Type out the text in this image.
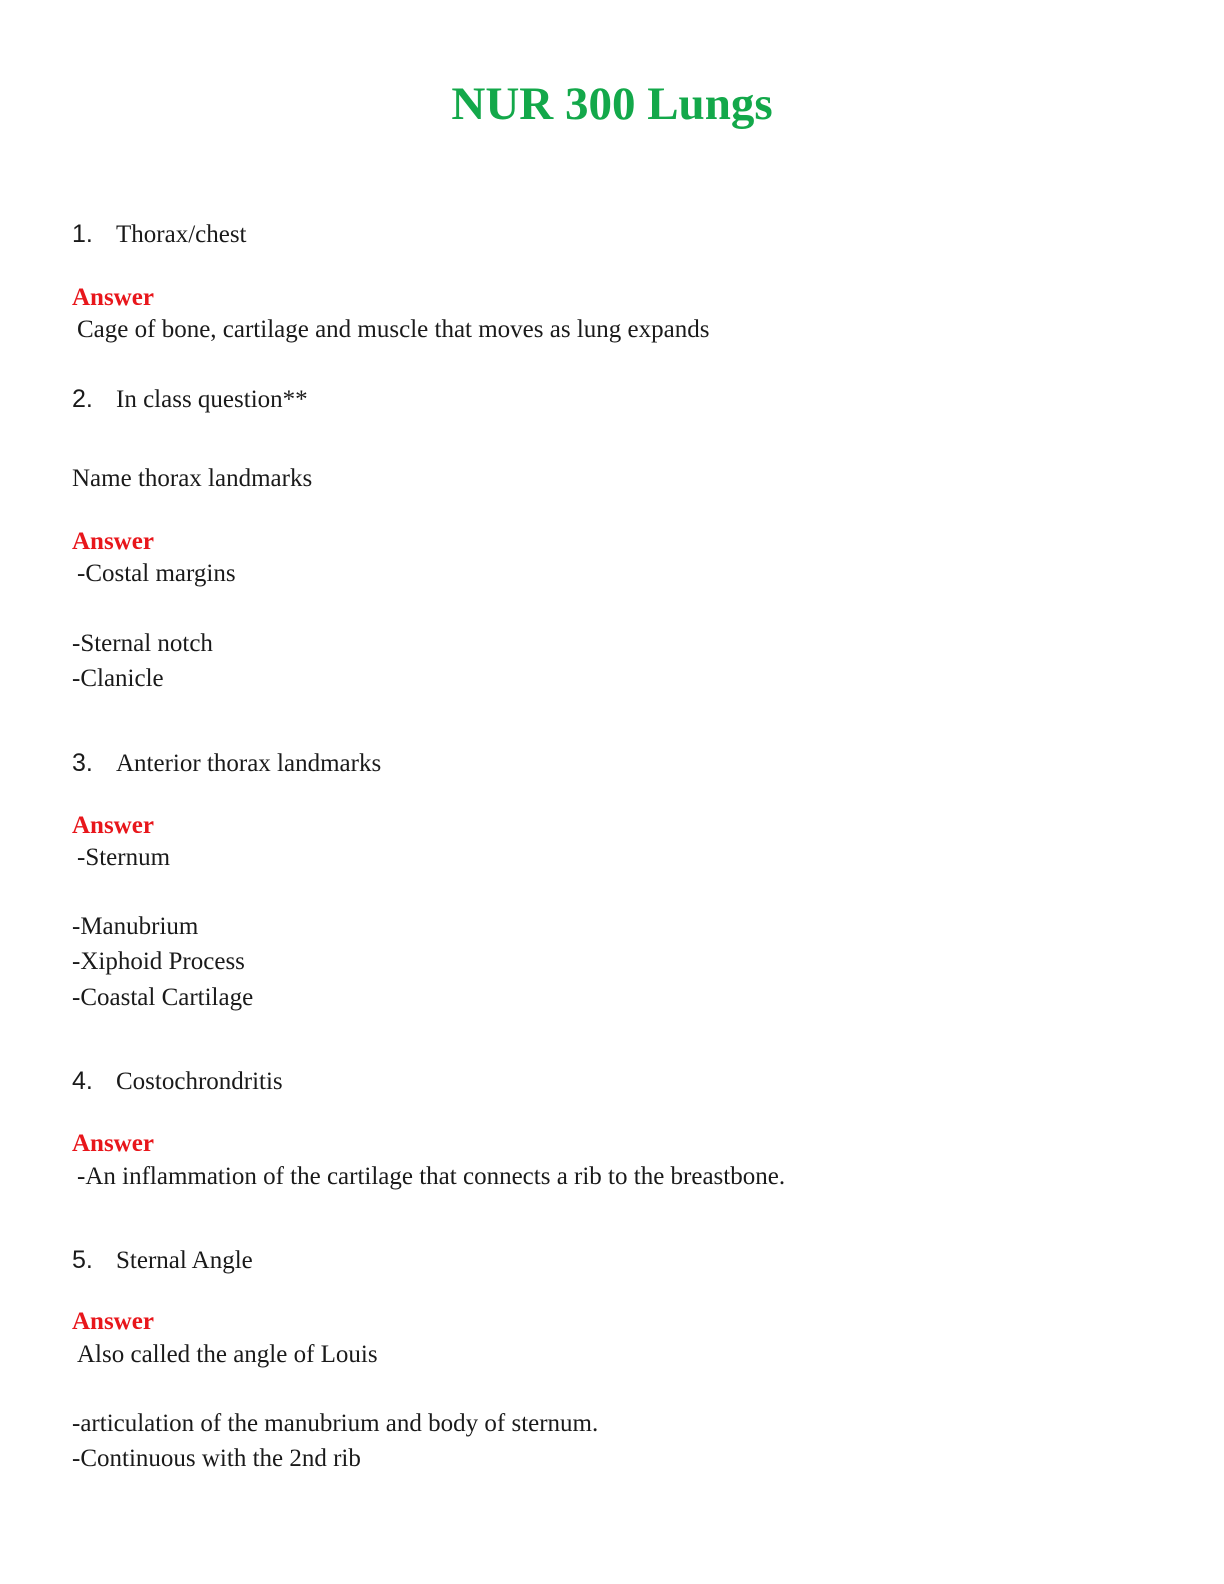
NUR 300 Lungs
1. Thorax/chest
Answer
Cage of bone, cartilage and muscle that moves as lung expands
2. In class question**
Name thorax landmarks
Answer
-Costal margins
-Sternal notch
-Clanicle
3. Anterior thorax landmarks
Answer
-Sternum
-Manubrium
-Xiphoid Process
-Coastal Cartilage
4. Costochrondritis
Answer
-An inflammation of the cartilage that connects a rib to the breastbone.
5. Sternal Angle
Answer
Also called the angle of Louis
-articulation of the manubrium and body of sternum.
-Continuous with the 2nd rib
